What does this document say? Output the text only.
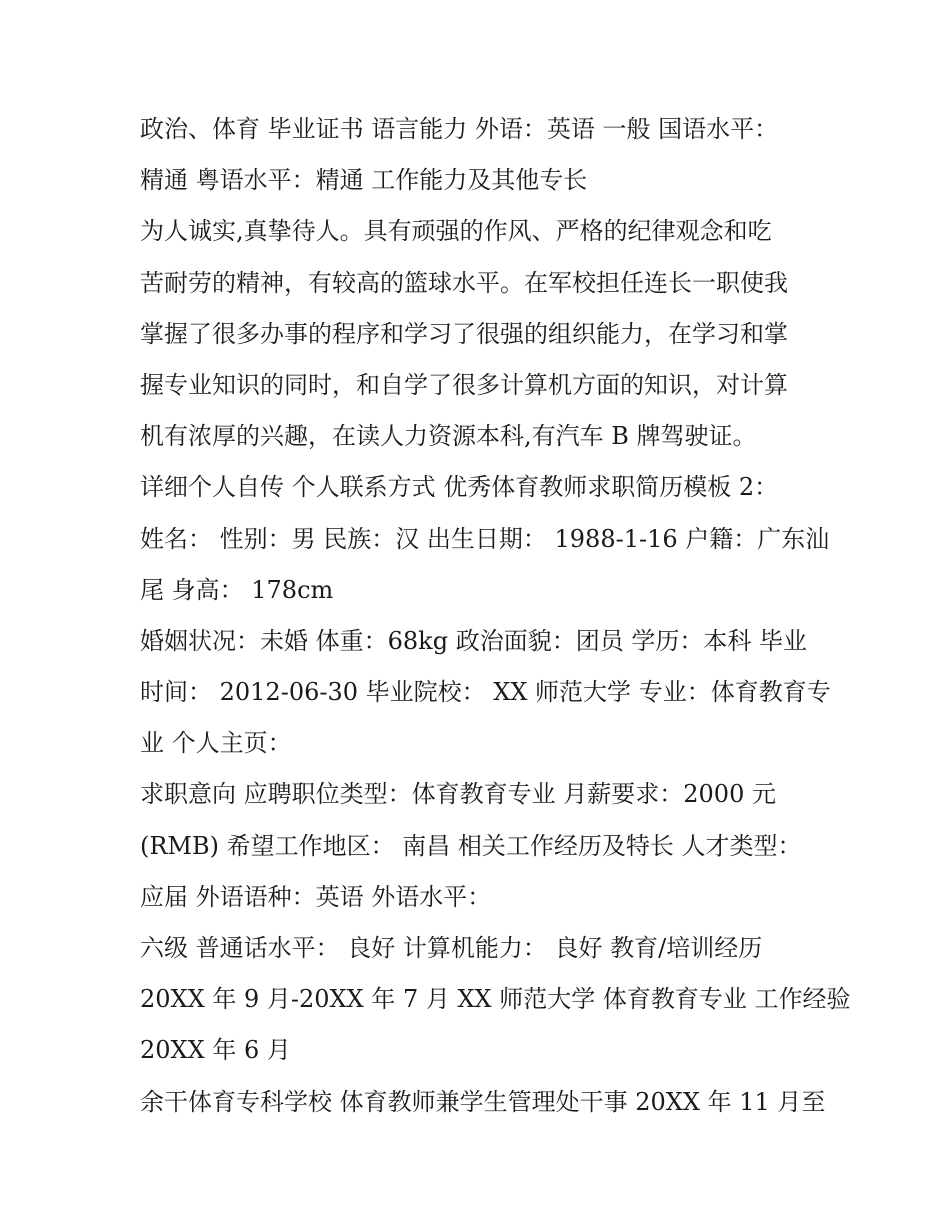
政治、体育 毕业证书 语言能力 外语：英语 一般 国语水平：
精通 粤语水平：精通 工作能力及其他专长
为人诚实,真挚待人。具有顽强的作风、严格的纪律观念和吃
苦耐劳的精神，有较高的篮球水平。在军校担任连长一职使我
掌握了很多办事的程序和学习了很强的组织能力，在学习和掌
握专业知识的同时，和自学了很多计算机方面的知识，对计算
机有浓厚的兴趣，在读人力资源本科,有汽车 B 牌驾驶证。
详细个人自传 个人联系方式 优秀体育教师求职简历模板 2：
姓名： 性别：男 民族：汉 出生日期： 1988-1-16 户籍：广东汕
尾 身高： 178cm
婚姻状况：未婚 体重：68kg 政治面貌：团员 学历：本科 毕业
时间： 2012-06-30 毕业院校： XX 师范大学 专业：体育教育专
业 个人主页：
求职意向 应聘职位类型：体育教育专业 月薪要求：2000 元
(RMB) 希望工作地区： 南昌 相关工作经历及特长 人才类型：
应届 外语语种：英语 外语水平：
六级 普通话水平： 良好 计算机能力： 良好 教育/培训经历
20XX 年 9 月-20XX 年 7 月 XX 师范大学 体育教育专业 工作经验
20XX 年 6 月
余干体育专科学校 体育教师兼学生管理处干事 20XX 年 11 月至
